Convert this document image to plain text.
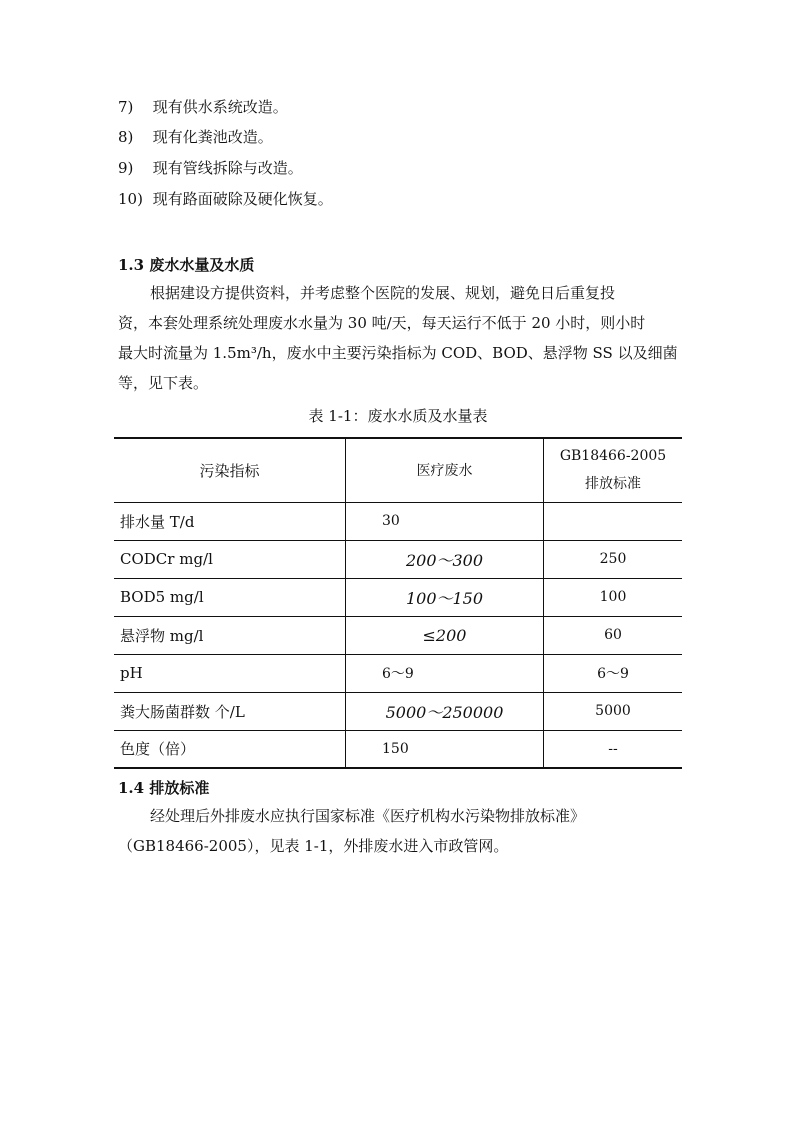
7) 现有供水系统改造。
8) 现有化粪池改造。
9) 现有管线拆除与改造。
10) 现有路面破除及硬化恢复。
1.3 废水水量及水质

根据建设方提供资料，并考虑整个医院的发展、规划，避免日后重复投

资，本套处理系统处理废水水量为 30 吨/天，每天运行不低于 20 小时，则小时

最大时流量为 1.5m³/h，废水中主要污染指标为 COD、BOD、悬浮物 SS 以及细菌

等，见下表。

表 1-1：废水水质及水量表
污染指标	医疗废水	GB18466-2005
排放标准

排水量 T/d	30	
CODCr mg/l	200～300	250
BOD5 mg/l	100～150	100
悬浮物 mg/l	≤200	60
pH	6～9	6～9
粪大肠菌群数 个/L	5000～250000	5000
色度（倍）	150	--
1.4 排放标准

经处理后外排废水应执行国家标准《医疗机构水污染物排放标准》

（GB18466-2005），见表 1-1，外排废水进入市政管网。
